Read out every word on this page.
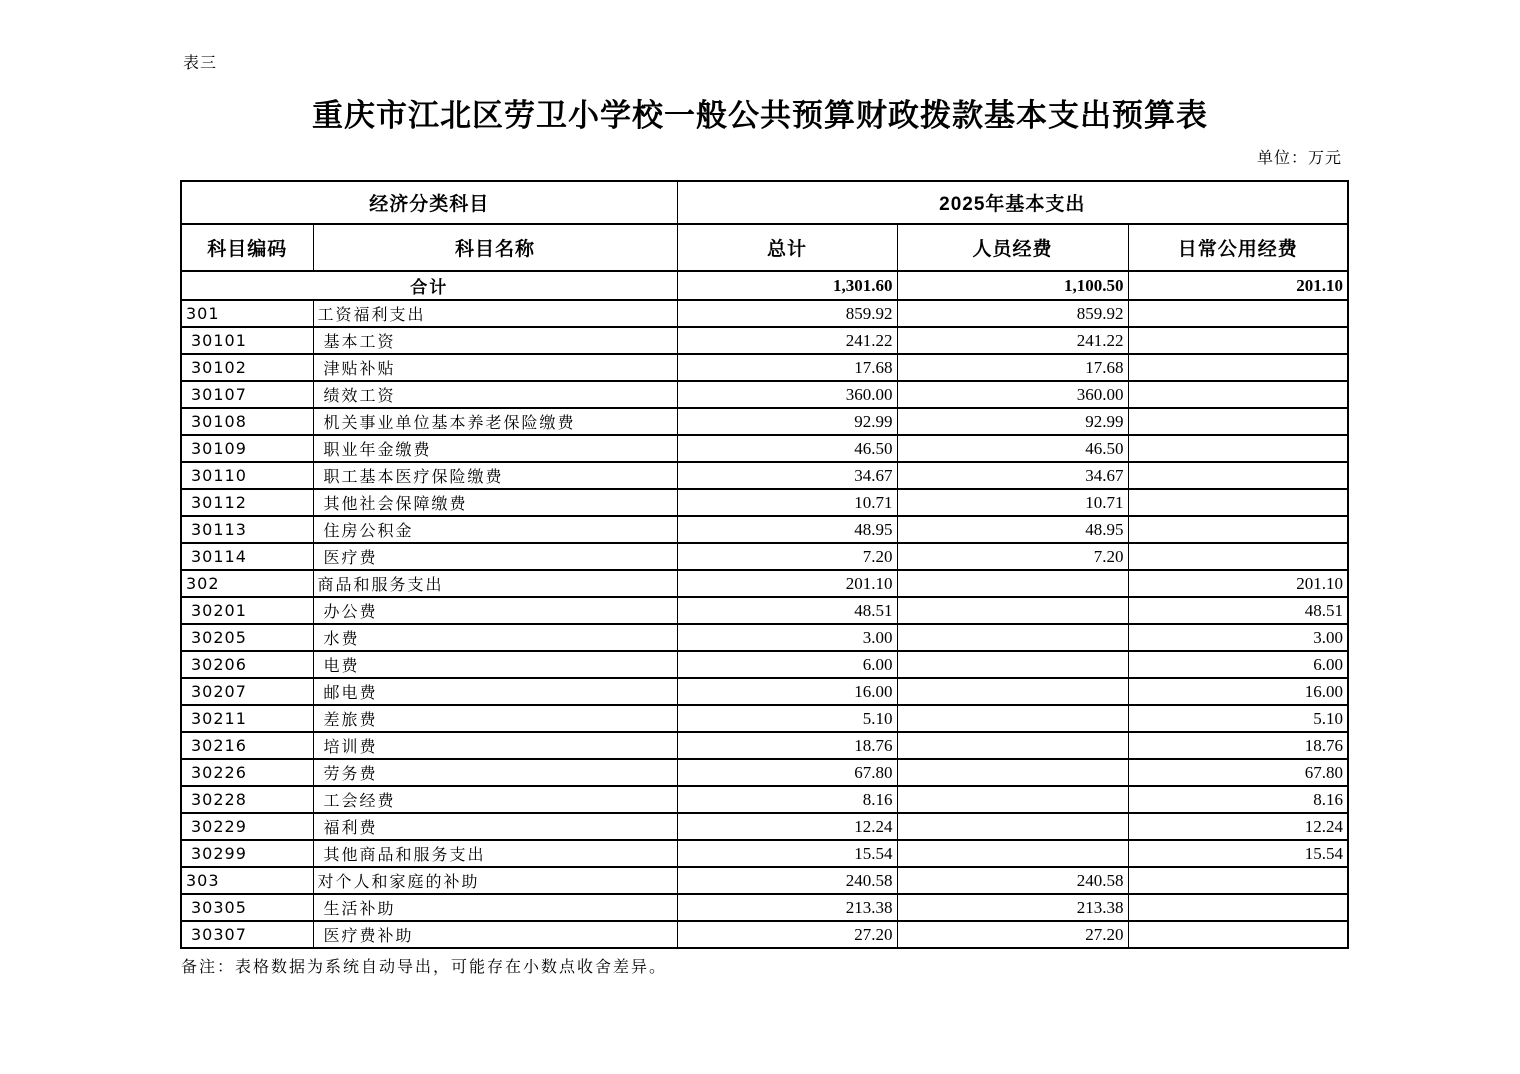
表三
重庆市江北区劳卫小学校一般公共预算财政拨款基本支出预算表
单位：万元
经济分类科目		2025年基本支出		
科目编码	科目名称	总计	人员经费	日常公用经费
合计		1,301.60	1,100.50	201.10
301	工资福利支出	859.92	859.92	
30101	基本工资	241.22	241.22	
30102	津贴补贴	17.68	17.68	
30107	绩效工资	360.00	360.00	
30108	机关事业单位基本养老保险缴费	92.99	92.99	
30109	职业年金缴费	46.50	46.50	
30110	职工基本医疗保险缴费	34.67	34.67	
30112	其他社会保障缴费	10.71	10.71	
30113	住房公积金	48.95	48.95	
30114	医疗费	7.20	7.20	
302	商品和服务支出	201.10		201.10
30201	办公费	48.51		48.51
30205	水费	3.00		3.00
30206	电费	6.00		6.00
30207	邮电费	16.00		16.00
30211	差旅费	5.10		5.10
30216	培训费	18.76		18.76
30226	劳务费	67.80		67.80
30228	工会经费	8.16		8.16
30229	福利费	12.24		12.24
30299	其他商品和服务支出	15.54		15.54
303	对个人和家庭的补助	240.58	240.58	
30305	生活补助	213.38	213.38	
30307	医疗费补助	27.20	27.20	
备注：表格数据为系统自动导出，可能存在小数点收舍差异。
